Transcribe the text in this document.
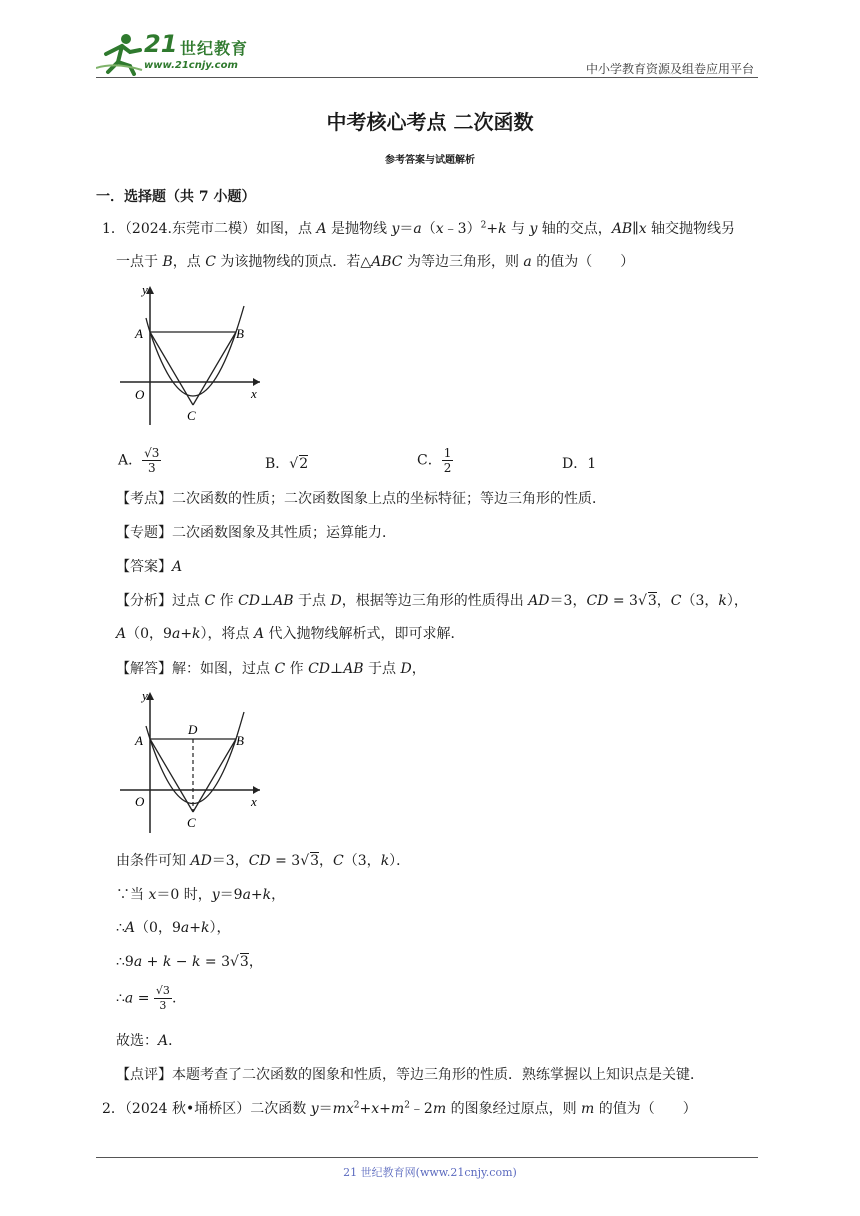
21 世纪教育
www.21cnjy.com	中小学教育资源及组卷应用平台
中考核心考点 二次函数
参考答案与试题解析
一．选择题（共 7 小题）
1．（2024.东莞市二模）如图，点 A 是抛物线 y＝a（x﹣3）$^2$+k 与 y 轴的交点，AB∥x 轴交抛物线另
一点于 B，点 C 为该抛物线的顶点．若△ABC 为等边三角形，则 a 的值为（　　）
y
x
A	B
O
C
A． $\frac{√3}{3}$	B．√2	C． $\frac{1}{2}$	D．1
【考点】二次函数的性质；二次函数图象上点的坐标特征；等边三角形的性质．
【专题】二次函数图象及其性质；运算能力．
【答案】A
【分析】过点 C 作 CD⊥AB 于点 D，根据等边三角形的性质得出 AD＝3，CD = 3√3，C（3，k），
A（0，9a+k），将点 A 代入抛物线解析式，即可求解．
【解答】解：如图，过点 C 作 CD⊥AB 于点 D，
y
x
A	B
D
O
C
由条件可知 AD＝3，CD = 3√3，C（3，k）．
∵当 x＝0 时，y＝9a+k，
∴A（0，9a+k），
∴9a + k − k = 3√3，
∴a = $\frac{√3}{3}$ .
故选：A．
【点评】本题考查了二次函数的图象和性质，等边三角形的性质．熟练掌握以上知识点是关键．
2．（2024 秋•埇桥区）二次函数 $y=mx^2+x+m^2﹣2m$ 的图象经过原点，则 m 的值为（　　）
21 世纪教育网(www.21cnjy.com)
